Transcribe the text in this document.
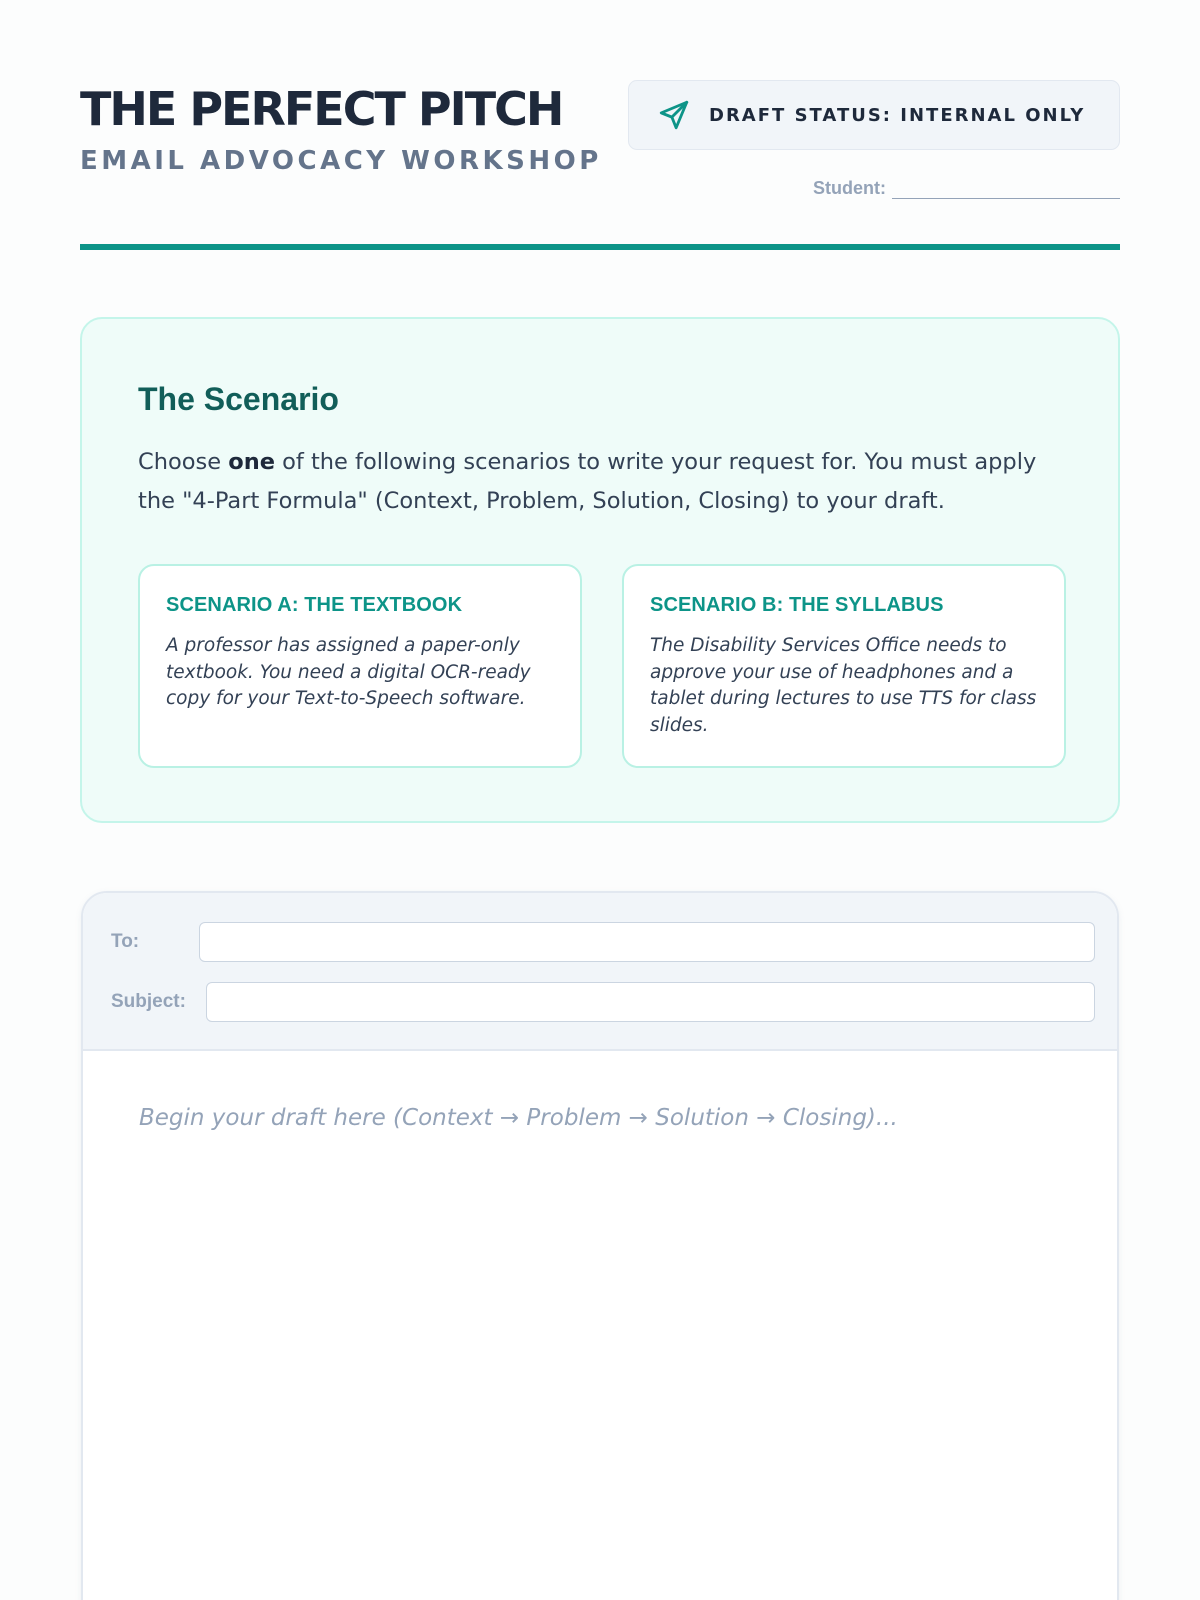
THE PERFECT PITCH
EMAIL ADVOCACY WORKSHOP
DRAFT STATUS: INTERNAL ONLY
Student:
The Scenario

Choose one of the following scenarios to write your request for. You must apply the "4-Part Formula" (Context, Problem, Solution, Closing) to your draft.

SCENARIO A: THE TEXTBOOK
A professor has assigned a paper-only textbook. You need a digital OCR-ready copy for your Text-to-Speech software.
SCENARIO B: THE SYLLABUS
The Disability Services Office needs to approve your use of headphones and a tablet during lectures to use TTS for class slides.
To:
Subject:
Begin your draft here (Context → Problem → Solution → Closing)...
